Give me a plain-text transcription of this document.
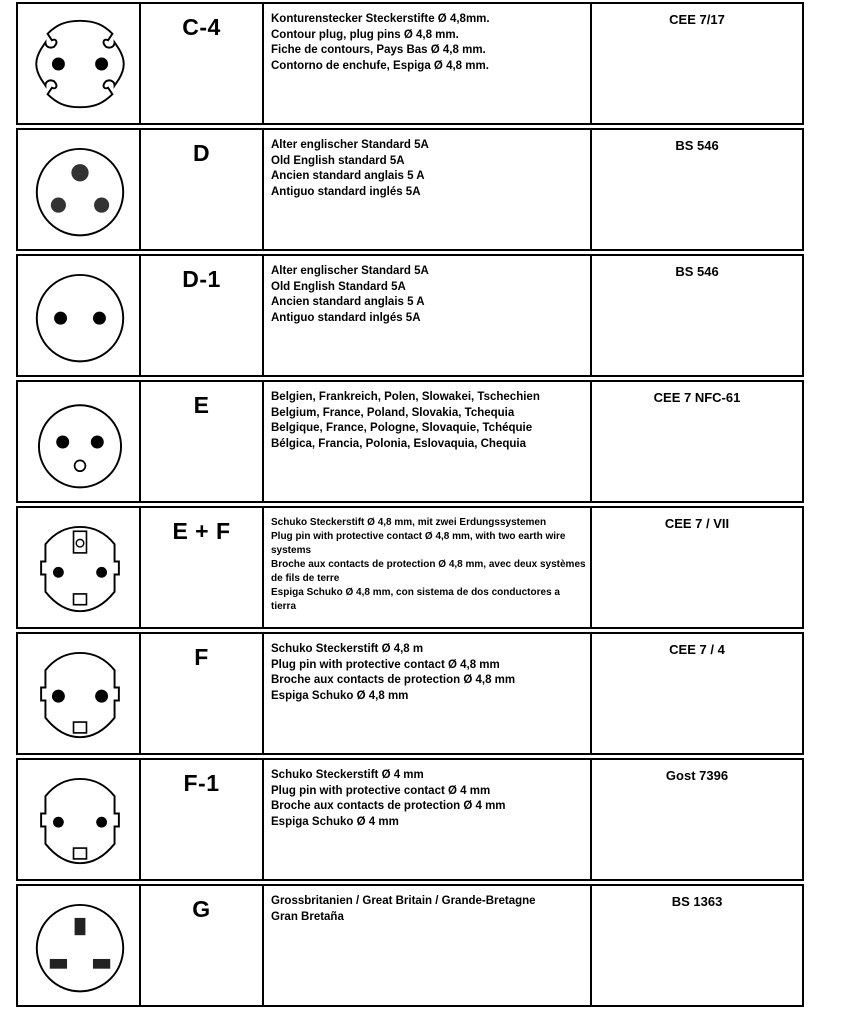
C-4	Konturenstecker Steckerstifte Ø 4,8mm.
Contour plug, plug pins Ø 4,8 mm.
Fiche de contours, Pays Bas Ø 4,8 mm.
Contorno de enchufe, Espiga Ø 4,8 mm.
CEE 7/17
D	Alter englischer Standard 5A
Old English standard 5A
Ancien standard anglais 5 A
Antiguo standard inglés 5A
BS 546
D-1	Alter englischer Standard 5A
Old English Standard 5A
Ancien standard anglais 5 A
Antiguo standard inlgés 5A
BS 546
E	Belgien, Frankreich, Polen, Slowakei, Tschechien
Belgium, France, Poland, Slovakia, Tchequia
Belgique, France, Pologne, Slovaquie, Tchéquie
Bélgica, Francia, Polonia, Eslovaquia, Chequia
CEE 7 NFC-61
E + F	Schuko Steckerstift Ø 4,8 mm, mit zwei Erdungssystemen
Plug pin with protective contact Ø 4,8 mm, with two earth wire systems
Broche aux contacts de protection Ø 4,8 mm, avec deux systèmes de fils de terre
Espiga Schuko Ø 4,8 mm, con sistema de dos conductores a tierra
CEE 7 / VII
F	Schuko Steckerstift Ø 4,8 m
Plug pin with protective contact Ø 4,8 mm
Broche aux contacts de protection Ø 4,8 mm
Espiga Schuko Ø 4,8 mm
CEE 7 / 4
F-1	Schuko Steckerstift Ø 4 mm
Plug pin with protective contact Ø 4 mm
Broche aux contacts de protection Ø 4 mm
Espiga Schuko Ø 4 mm
Gost 7396
G	Grossbritanien / Great Britain / Grande-Bretagne
Gran Bretaña
BS 1363
